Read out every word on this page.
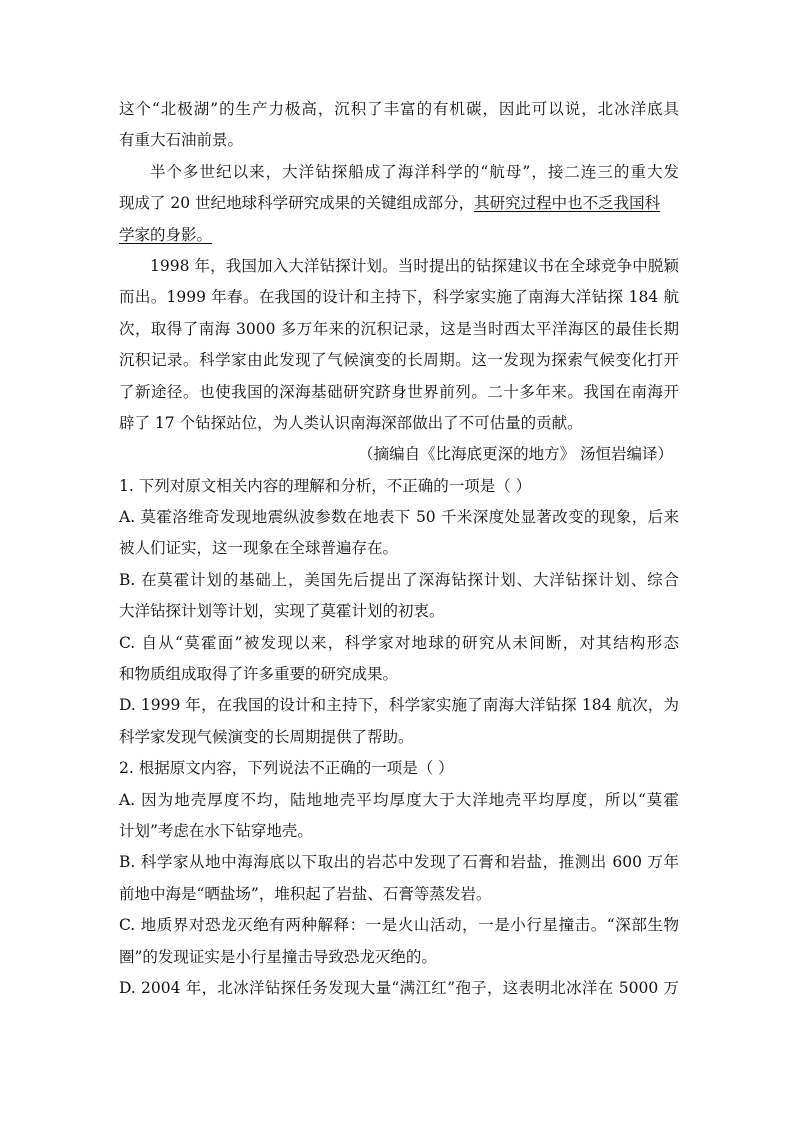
这个“北极湖”的生产力极高，沉积了丰富的有机碳，因此可以说，北冰洋底具
有重大石油前景。
半个多世纪以来，大洋钻探船成了海洋科学的“航母”，接二连三的重大发
现成了 20 世纪地球科学研究成果的关键组成部分，其研究过程中也不乏我国科
学家的身影。
1998 年，我国加入大洋钻探计划。当时提出的钻探建议书在全球竞争中脱颖
而出。1999 年春。在我国的设计和主持下，科学家实施了南海大洋钻探 184 航
次，取得了南海 3000 多万年来的沉积记录，这是当时西太平洋海区的最佳长期
沉积记录。科学家由此发现了气候演变的长周期。这一发现为探索气候变化打开
了新途径。也使我国的深海基础研究跻身世界前列。二十多年来。我国在南海开
辟了 17 个钻探站位，为人类认识南海深部做出了不可估量的贡献。
（摘编自《比海底更深的地方》 汤恒岩编译）
1. 下列对原文相关内容的理解和分析，不正确的一项是（ ）
A. 莫霍洛维奇发现地震纵波参数在地表下 50 千米深度处显著改变的现象，后来
被人们证实，这一现象在全球普遍存在。
B. 在莫霍计划的基础上，美国先后提出了深海钻探计划、大洋钻探计划、综合
大洋钻探计划等计划，实现了莫霍计划的初衷。
C. 自从“莫霍面”被发现以来，科学家对地球的研究从未间断，对其结构形态
和物质组成取得了许多重要的研究成果。
D. 1999 年，在我国的设计和主持下，科学家实施了南海大洋钻探 184 航次，为
科学家发现气候演变的长周期提供了帮助。
2. 根据原文内容，下列说法不正确的一项是（ ）
A. 因为地壳厚度不均，陆地地壳平均厚度大于大洋地壳平均厚度，所以“莫霍
计划”考虑在水下钻穿地壳。
B. 科学家从地中海海底以下取出的岩芯中发现了石膏和岩盐，推测出 600 万年
前地中海是“晒盐场”，堆积起了岩盐、石膏等蒸发岩。
C. 地质界对恐龙灭绝有两种解释：一是火山活动，一是小行星撞击。“深部生物
圈”的发现证实是小行星撞击导致恐龙灭绝的。
D. 2004 年，北冰洋钻探任务发现大量“满江红”孢子，这表明北冰洋在 5000 万
